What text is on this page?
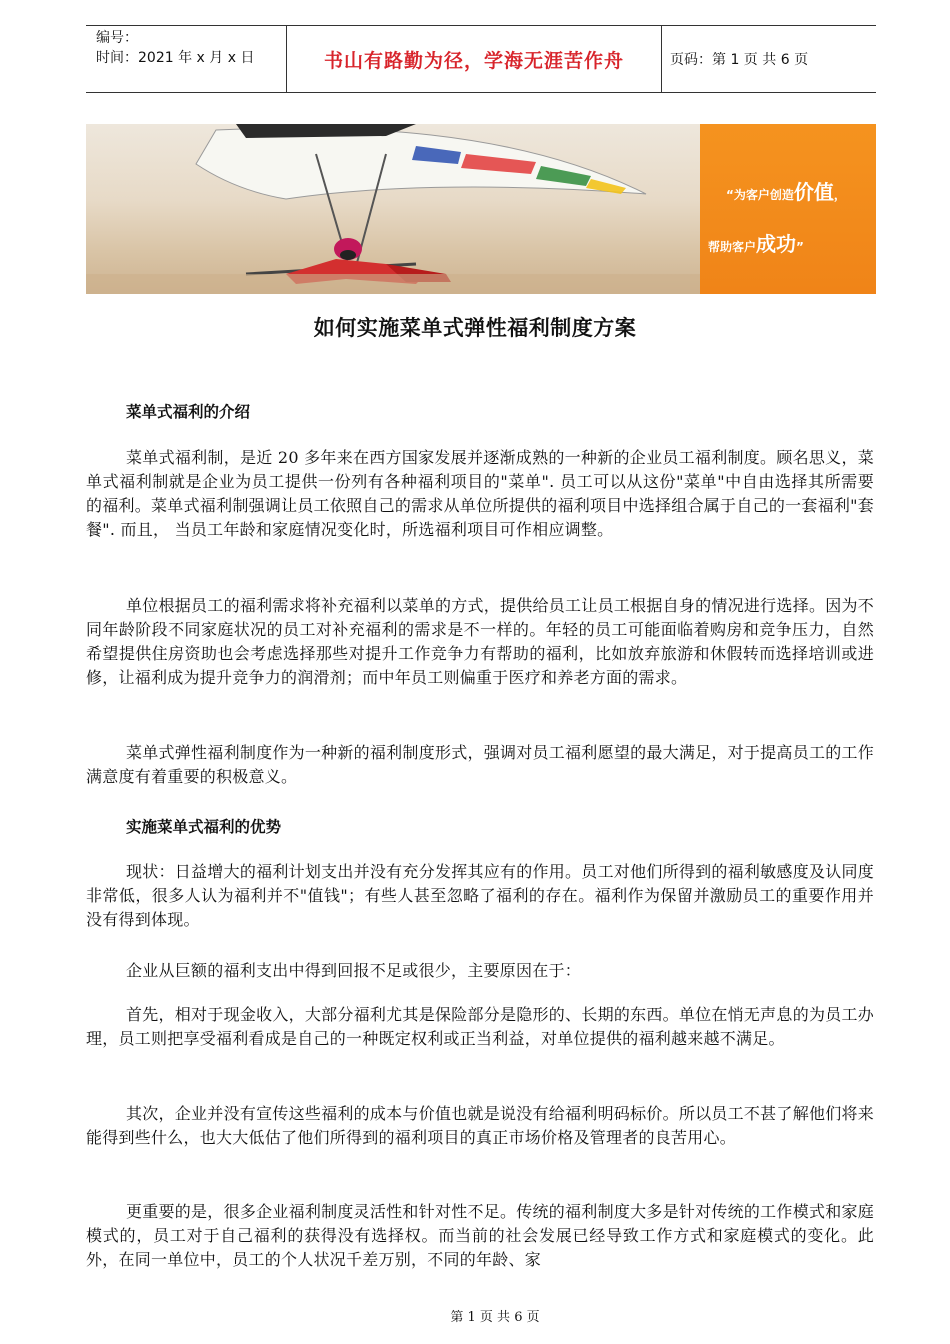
编号：
时间：2021 年 x 月 x 日	书山有路勤为径，学海无涯苦作舟	页码：第 1 页 共 6 页
“为客户创造价值，
帮助客户成功”
如何实施菜单式弹性福利制度方案
菜单式福利的介绍

菜单式福利制，是近 20 多年来在西方国家发展并逐渐成熟的一种新的企业员工福利制度。顾名思义，菜单式福利制就是企业为员工提供一份列有各种福利项目的"菜单". 员工可以从这份"菜单"中自由选择其所需要的福利。菜单式福利制强调让员工依照自己的需求从单位所提供的福利项目中选择组合属于自己的一套福利"套餐". 而且， 当员工年龄和家庭情况变化时，所选福利项目可作相应调整。

单位根据员工的福利需求将补充福利以菜单的方式，提供给员工让员工根据自身的情况进行选择。因为不同年龄阶段不同家庭状况的员工对补充福利的需求是不一样的。年轻的员工可能面临着购房和竞争压力，自然希望提供住房资助也会考虑选择那些对提升工作竞争力有帮助的福利，比如放弃旅游和休假转而选择培训或进修，让福利成为提升竞争力的润滑剂；而中年员工则偏重于医疗和养老方面的需求。

菜单式弹性福利制度作为一种新的福利制度形式，强调对员工福利愿望的最大满足，对于提高员工的工作满意度有着重要的积极意义。

实施菜单式福利的优势

现状：日益增大的福利计划支出并没有充分发挥其应有的作用。员工对他们所得到的福利敏感度及认同度非常低，很多人认为福利并不"值钱"；有些人甚至忽略了福利的存在。福利作为保留并激励员工的重要作用并没有得到体现。

企业从巨额的福利支出中得到回报不足或很少，主要原因在于：

首先，相对于现金收入，大部分福利尤其是保险部分是隐形的、长期的东西。单位在悄无声息的为员工办理，员工则把享受福利看成是自己的一种既定权利或正当利益，对单位提供的福利越来越不满足。

其次，企业并没有宣传这些福利的成本与价值也就是说没有给福利明码标价。所以员工不甚了解他们将来能得到些什么，也大大低估了他们所得到的福利项目的真正市场价格及管理者的良苦用心。

更重要的是，很多企业福利制度灵活性和针对性不足。传统的福利制度大多是针对传统的工作模式和家庭模式的，员工对于自己福利的获得没有选择权。而当前的社会发展已经导致工作方式和家庭模式的变化。此外，在同一单位中，员工的个人状况千差万别，不同的年龄、家

第 1 页 共 6 页
